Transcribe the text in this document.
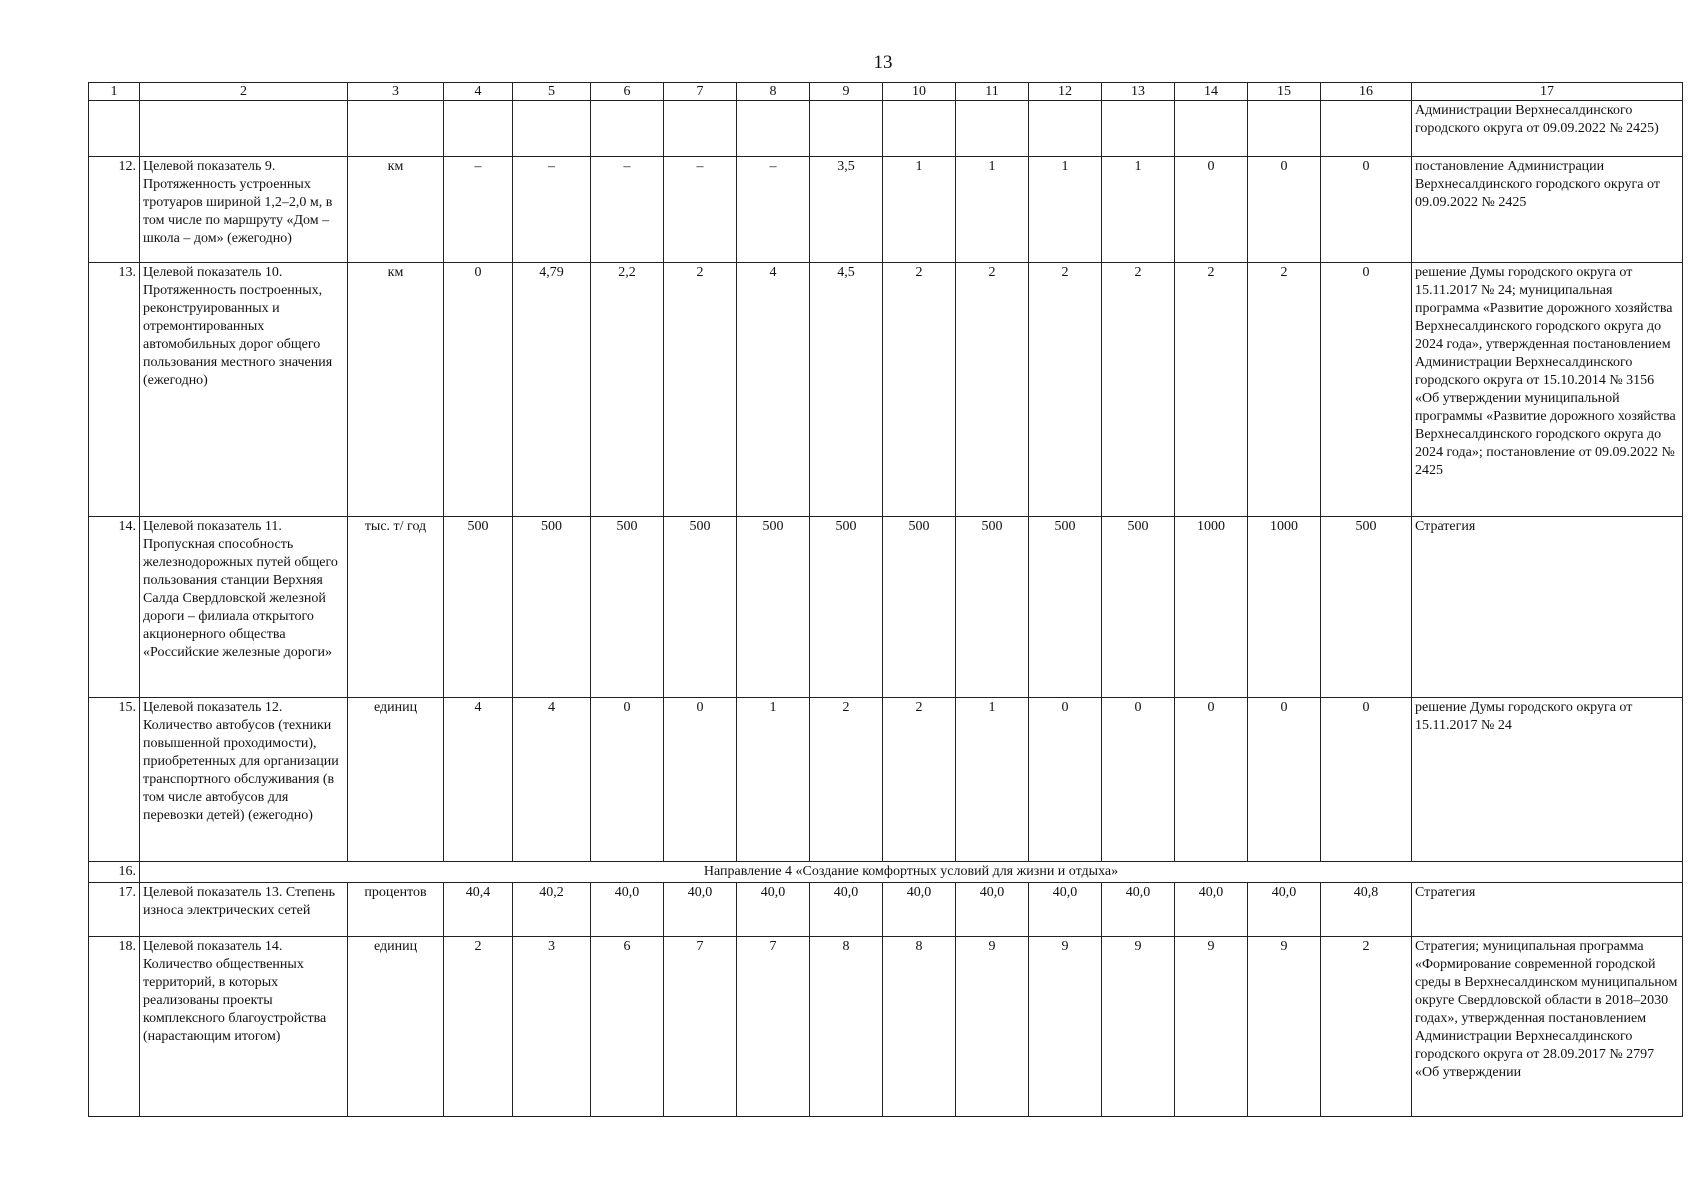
13
1	2	3	4	5	6	7	8	9	10	11	12	13	14	15	16	17
																Администрации Верхнесалдинского городского округа от 09.09.2022 № 2425)
12.	Целевой показатель 9. Протяженность устроенных тротуаров шириной 1,2–2,0 м, в том числе по маршруту «Дом – школа – дом» (ежегодно)	км	–	–	–	–	–	3,5	1	1	1	1	0	0	0	постановление Администрации Верхнесалдинского городского округа от 09.09.2022 № 2425
13.	Целевой показатель 10. Протяженность построенных, реконструированных и отремонтированных автомобильных дорог общего пользования местного значения (ежегодно)	км	0	4,79	2,2	2	4	4,5	2	2	2	2	2	2	0	решение Думы городского округа от 15.11.2017 № 24; муниципальная программа «Развитие дорожного хозяйства Верхнесалдинского городского округа до 2024 года», утвержденная постановлением Администрации Верхнесалдинского городского округа от 15.10.2014 № 3156 «Об утверждении муниципальной программы «Развитие дорожного хозяйства Верхнесалдинского городского округа до 2024 года»; постановление от 09.09.2022 № 2425
14.	Целевой показатель 11. Пропускная способность железнодорожных путей общего пользования станции Верхняя Салда Свердловской железной дороги – филиала открытого акционерного общества «Российские железные дороги»	тыс. т/ год	500	500	500	500	500	500	500	500	500	500	1000	1000	500	Стратегия
15.	Целевой показатель 12. Количество автобусов (техники повышенной проходимости), приобретенных для организации транспортного обслуживания (в том числе автобусов для перевозки детей) (ежегодно)	единиц	4	4	0	0	1	2	2	1	0	0	0	0	0	решение Думы городского округа от 15.11.2017 № 24
16.	Направление 4 «Создание комфортных условий для жизни и отдыха»															
17.	Целевой показатель 13. Степень износа электрических сетей	процентов	40,4	40,2	40,0	40,0	40,0	40,0	40,0	40,0	40,0	40,0	40,0	40,0	40,8	Стратегия
18.	Целевой показатель 14. Количество общественных территорий, в которых реализованы проекты комплексного благоустройства (нарастающим итогом)	единиц	2	3	6	7	7	8	8	9	9	9	9	9	2	Стратегия; муниципальная программа «Формирование современной городской среды в Верхнесалдинском муниципальном округе Свердловской области в 2018–2030 годах», утвержденная постановлением Администрации Верхнесалдинского городского округа от 28.09.2017 № 2797 «Об утверждении
